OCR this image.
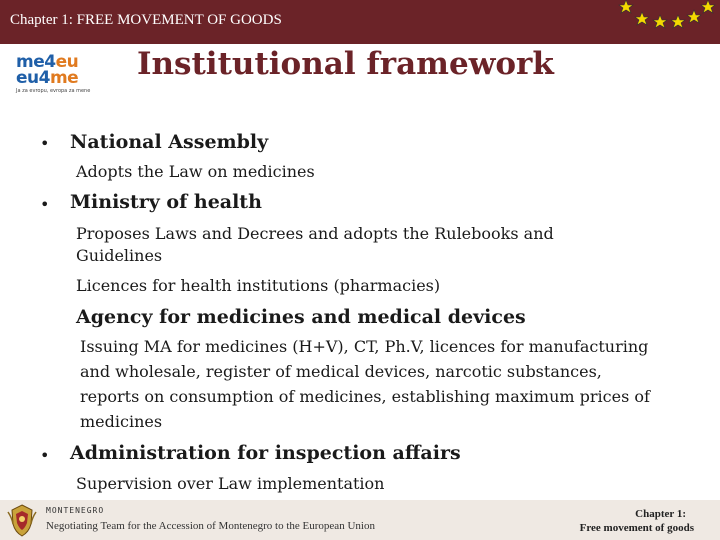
Chapter 1: FREE MOVEMENT OF GOODS
me4eu
eu4me
Ja za evropu, evropa za mene
Institutional framework
• National Assembly
Adopts the Law on medicines
• Ministry of health
Proposes Laws and Decrees and adopts the Rulebooks and Guidelines
Licences for health institutions (pharmacies)
Agency for medicines and medical devices
Issuing MA for medicines (H+V), CT, Ph.V, licences for manufacturing and wholesale, register of medical devices, narcotic substances, reports on consumption of medicines, establishing maximum prices of medicines
• Administration for inspection affairs
Supervision over Law implementation
MONTENEGRO
Negotiating Team for the Accession of Montenegro to the European Union
Chapter 1:
Free movement of goods
